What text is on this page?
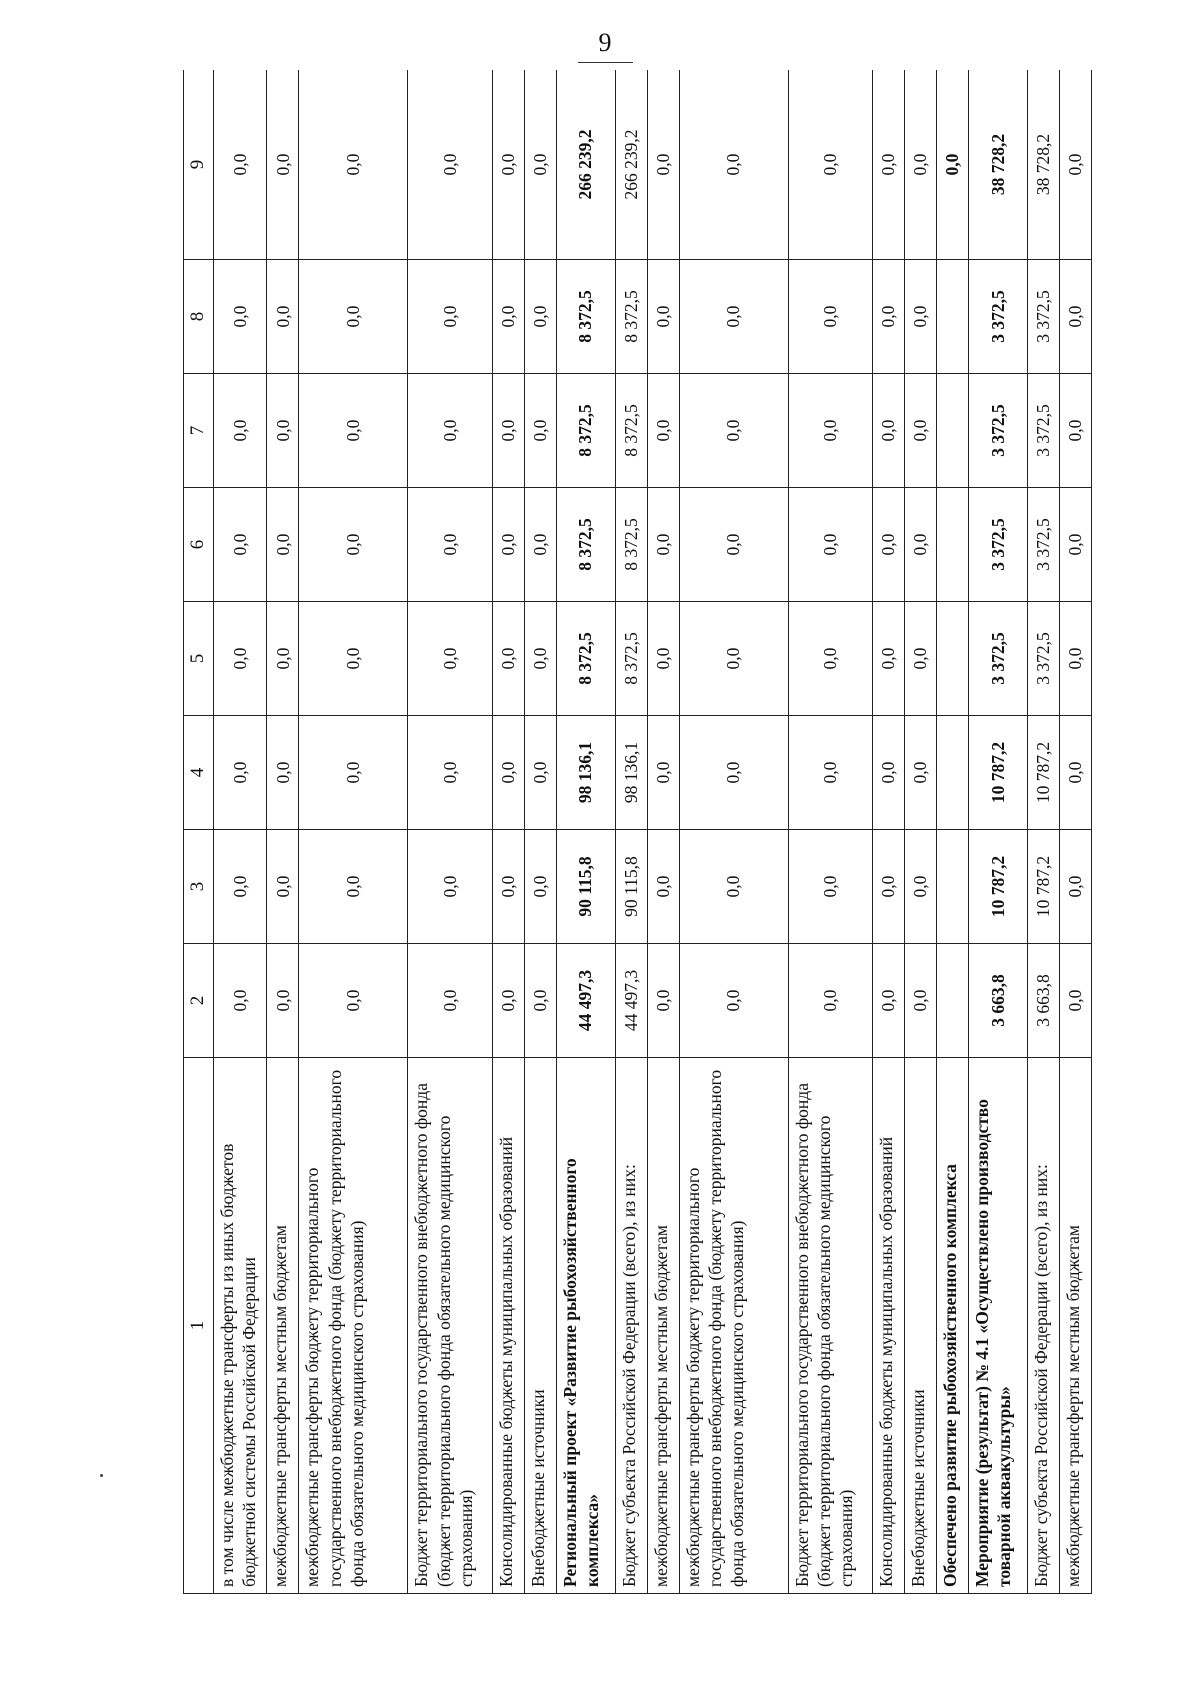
9
1	2	3	4	5	6	7	8	9
в том числе межбюджетные трансферты из иных бюджетов бюджетной системы Российской Федерации	0,0	0,0	0,0	0,0	0,0	0,0	0,0	0,0
межбюджетные трансферты местным бюджетам	0,0	0,0	0,0	0,0	0,0	0,0	0,0	0,0
межбюджетные трансферты бюджету территориального государственного внебюджетного фонда (бюджету территориального фонда обязательного медицинского страхования)	0,0	0,0	0,0	0,0	0,0	0,0	0,0	0,0
Бюджет территориального государственного внебюджетного фонда (бюджет территориального фонда обязательного медицинского страхования)	0,0	0,0	0,0	0,0	0,0	0,0	0,0	0,0
Консолидированные бюджеты муниципальных образований	0,0	0,0	0,0	0,0	0,0	0,0	0,0	0,0
Внебюджетные источники	0,0	0,0	0,0	0,0	0,0	0,0	0,0	0,0
Региональный проект «Развитие рыбохозяйственного комплекса»	44 497,3	90 115,8	98 136,1	8 372,5	8 372,5	8 372,5	8 372,5	266 239,2
Бюджет субъекта Российской Федерации (всего), из них:	44 497,3	90 115,8	98 136,1	8 372,5	8 372,5	8 372,5	8 372,5	266 239,2
межбюджетные трансферты местным бюджетам	0,0	0,0	0,0	0,0	0,0	0,0	0,0	0,0
межбюджетные трансферты бюджету территориального государственного внебюджетного фонда (бюджету территориального фонда обязательного медицинского страхования)	0,0	0,0	0,0	0,0	0,0	0,0	0,0	0,0
Бюджет территориального государственного внебюджетного фонда (бюджет территориального фонда обязательного медицинского страхования)	0,0	0,0	0,0	0,0	0,0	0,0	0,0	0,0
Консолидированные бюджеты муниципальных образований	0,0	0,0	0,0	0,0	0,0	0,0	0,0	0,0
Внебюджетные источники	0,0	0,0	0,0	0,0	0,0	0,0	0,0	0,0
Обеспечено развитие рыбохозяйственного комплекса								0,0
Мероприятие (результат) № 4.1 «Осуществлено производство товарной аквакультуры»	3 663,8	10 787,2	10 787,2	3 372,5	3 372,5	3 372,5	3 372,5	38 728,2
Бюджет субъекта Российской Федерации (всего), из них:	3 663,8	10 787,2	10 787,2	3 372,5	3 372,5	3 372,5	3 372,5	38 728,2
межбюджетные трансферты местным бюджетам	0,0	0,0	0,0	0,0	0,0	0,0	0,0	0,0
